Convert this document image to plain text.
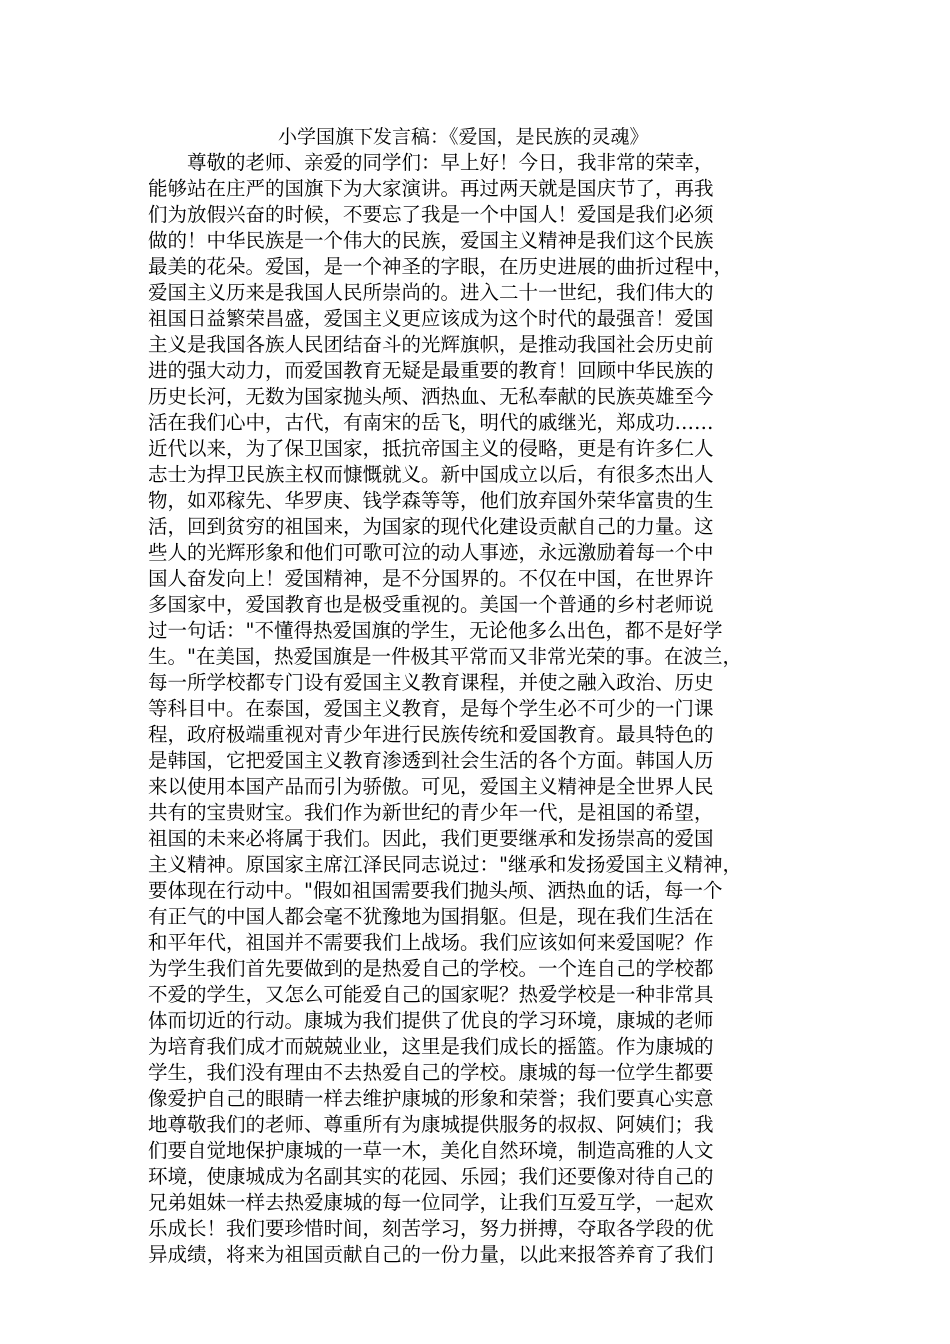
小学国旗下发言稿：《爱国，是民族的灵魂》
尊敬的老师、亲爱的同学们：早上好！今日，我非常的荣幸，
能够站在庄严的国旗下为大家演讲。再过两天就是国庆节了，再我
们为放假兴奋的时候，不要忘了我是一个中国人！爱国是我们必须
做的！中华民族是一个伟大的民族，爱国主义精神是我们这个民族
最美的花朵。爱国，是一个神圣的字眼，在历史进展的曲折过程中，
爱国主义历来是我国人民所崇尚的。进入二十一世纪，我们伟大的
祖国日益繁荣昌盛，爱国主义更应该成为这个时代的最强音！爱国
主义是我国各族人民团结奋斗的光辉旗帜，是推动我国社会历史前
进的强大动力，而爱国教育无疑是最重要的教育！回顾中华民族的
历史长河，无数为国家抛头颅、洒热血、无私奉献的民族英雄至今
活在我们心中，古代，有南宋的岳飞，明代的戚继光，郑成功……
近代以来，为了保卫国家，抵抗帝国主义的侵略，更是有许多仁人
志士为捍卫民族主权而慷慨就义。新中国成立以后，有很多杰出人
物，如邓稼先、华罗庚、钱学森等等，他们放弃国外荣华富贵的生
活，回到贫穷的祖国来，为国家的现代化建设贡献自己的力量。这
些人的光辉形象和他们可歌可泣的动人事迹，永远激励着每一个中
国人奋发向上！爱国精神，是不分国界的。不仅在中国，在世界许
多国家中，爱国教育也是极受重视的。美国一个普通的乡村老师说
过一句话："不懂得热爱国旗的学生，无论他多么出色，都不是好学
生。"在美国，热爱国旗是一件极其平常而又非常光荣的事。在波兰，
每一所学校都专门设有爱国主义教育课程，并使之融入政治、历史
等科目中。在泰国，爱国主义教育，是每个学生必不可少的一门课
程，政府极端重视对青少年进行民族传统和爱国教育。最具特色的
是韩国，它把爱国主义教育渗透到社会生活的各个方面。韩国人历
来以使用本国产品而引为骄傲。可见，爱国主义精神是全世界人民
共有的宝贵财宝。我们作为新世纪的青少年一代，是祖国的希望，
祖国的未来必将属于我们。因此，我们更要继承和发扬崇高的爱国
主义精神。原国家主席江泽民同志说过："继承和发扬爱国主义精神，
要体现在行动中。"假如祖国需要我们抛头颅、洒热血的话，每一个
有正气的中国人都会毫不犹豫地为国捐躯。但是，现在我们生活在
和平年代，祖国并不需要我们上战场。我们应该如何来爱国呢？作
为学生我们首先要做到的是热爱自己的学校。一个连自己的学校都
不爱的学生，又怎么可能爱自己的国家呢？热爱学校是一种非常具
体而切近的行动。康城为我们提供了优良的学习环境，康城的老师
为培育我们成才而兢兢业业，这里是我们成长的摇篮。作为康城的
学生，我们没有理由不去热爱自己的学校。康城的每一位学生都要
像爱护自己的眼睛一样去维护康城的形象和荣誉；我们要真心实意
地尊敬我们的老师、尊重所有为康城提供服务的叔叔、阿姨们；我
们要自觉地保护康城的一草一木，美化自然环境，制造高雅的人文
环境，使康城成为名副其实的花园、乐园；我们还要像对待自己的
兄弟姐妹一样去热爱康城的每一位同学，让我们互爱互学，一起欢
乐成长！我们要珍惜时间，刻苦学习，努力拼搏，夺取各学段的优
异成绩，将来为祖国贡献自己的一份力量，以此来报答养育了我们
